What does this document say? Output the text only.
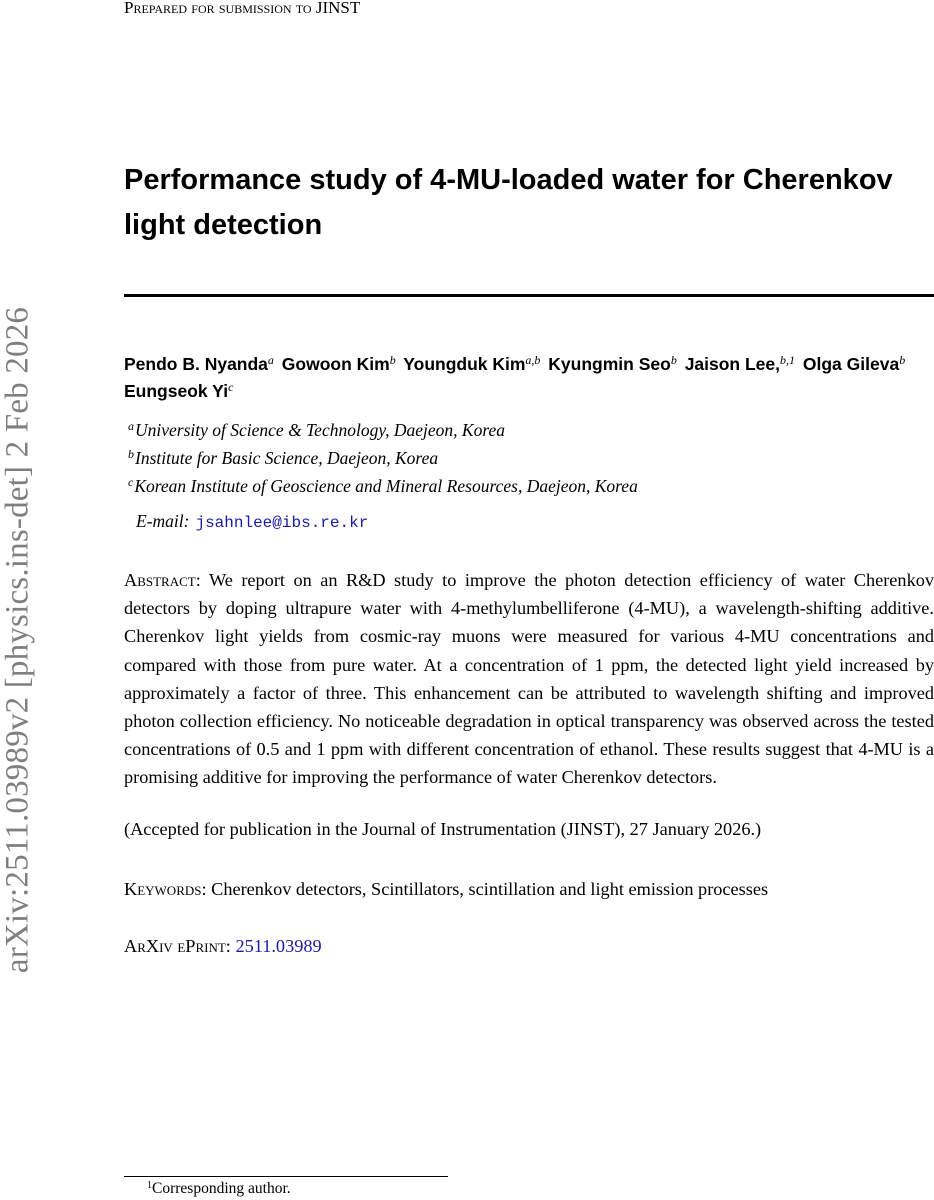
arXiv:2511.03989v2 [physics.ins-det] 2 Feb 2026
Prepared for submission to JINST
Performance study of 4-MU-loaded water for Cherenkov light detection
Pendo B. Nyanda$^a$ Gowoon Kim$^b$ Youngduk Kim$^{a,b}$ Kyungmin Seo$^b$ Jaison Lee,$^{b,1}$ Olga Gileva$^b$ Eungseok Yi$^c$
$^a$University of Science & Technology, Daejeon, Korea
$^b$Institute for Basic Science, Daejeon, Korea
$^c$Korean Institute of Geoscience and Mineral Resources, Daejeon, Korea
E-mail: jsahnlee@ibs.re.kr
Abstract: We report on an R&D study to improve the photon detection efficiency of water Cherenkov detectors by doping ultrapure water with 4-methylumbelliferone (4-MU), a wavelength-shifting additive. Cherenkov light yields from cosmic-ray muons were measured for various 4-MU concentrations and compared with those from pure water. At a concentration of 1 ppm, the detected light yield increased by approximately a factor of three. This enhancement can be attributed to wavelength shifting and improved photon collection efficiency. No noticeable degradation in optical transparency was observed across the tested concentrations of 0.5 and 1 ppm with different concentration of ethanol. These results suggest that 4-MU is a promising additive for improving the performance of water Cherenkov detectors.
(Accepted for publication in the Journal of Instrumentation (JINST), 27 January 2026.)
Keywords: Cherenkov detectors, Scintillators, scintillation and light emission processes
ArXiv ePrint: 2511.03989
$^1$Corresponding author.
